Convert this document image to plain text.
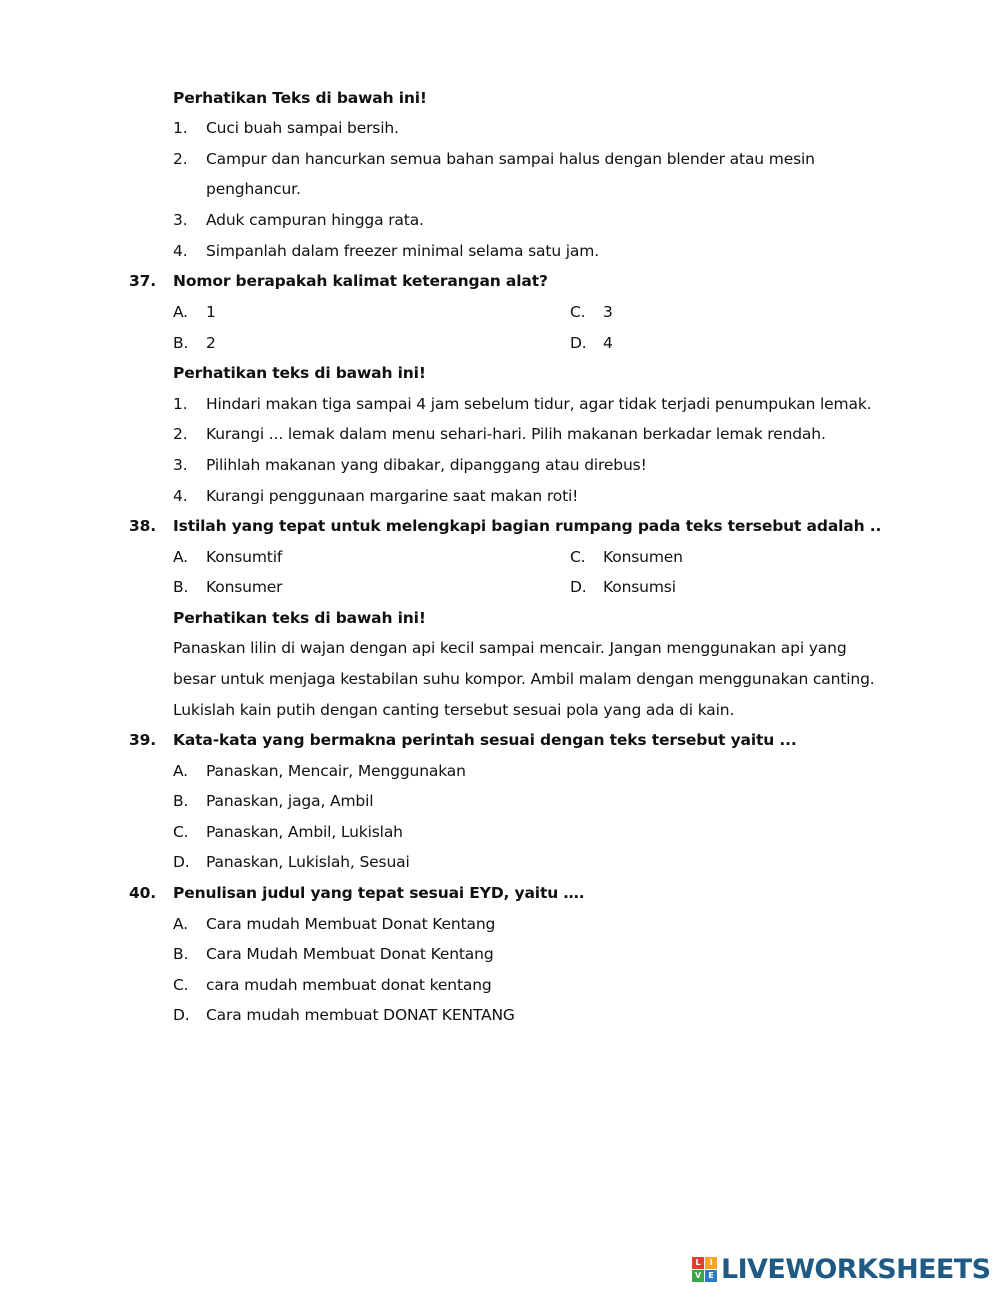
Perhatikan Teks di bawah ini!
1. Cuci buah sampai bersih.
2. Campur dan hancurkan semua bahan sampai halus dengan blender atau mesin
penghancur.
3. Aduk campuran hingga rata.
4. Simpanlah dalam freezer minimal selama satu jam.
37. Nomor berapakah kalimat keterangan alat?
A. 1	C. 3
B. 2	D. 4
Perhatikan teks di bawah ini!
1. Hindari makan tiga sampai 4 jam sebelum tidur, agar tidak terjadi penumpukan lemak.
2. Kurangi ... lemak dalam menu sehari-hari. Pilih makanan berkadar lemak rendah.
3. Pilihlah makanan yang dibakar, dipanggang atau direbus!
4. Kurangi penggunaan margarine saat makan roti!
38. Istilah yang tepat untuk melengkapi bagian rumpang pada teks tersebut adalah ..
A. Konsumtif	C. Konsumen
B. Konsumer	D. Konsumsi
Perhatikan teks di bawah ini!
Panaskan lilin di wajan dengan api kecil sampai mencair. Jangan menggunakan api yang
besar untuk menjaga kestabilan suhu kompor. Ambil malam dengan menggunakan canting.
Lukislah kain putih dengan canting tersebut sesuai pola yang ada di kain.
39. Kata-kata yang bermakna perintah sesuai dengan teks tersebut yaitu ...
A. Panaskan, Mencair, Menggunakan
B. Panaskan, jaga, Ambil
C. Panaskan, Ambil, Lukislah
D. Panaskan, Lukislah, Sesuai
40. Penulisan judul yang tepat sesuai EYD, yaitu ….
A. Cara mudah Membuat Donat Kentang
B. Cara Mudah Membuat Donat Kentang
C. cara mudah membuat donat kentang
D. Cara mudah membuat DONAT KENTANG
L	I
V E LIVEWORKSHEETS
